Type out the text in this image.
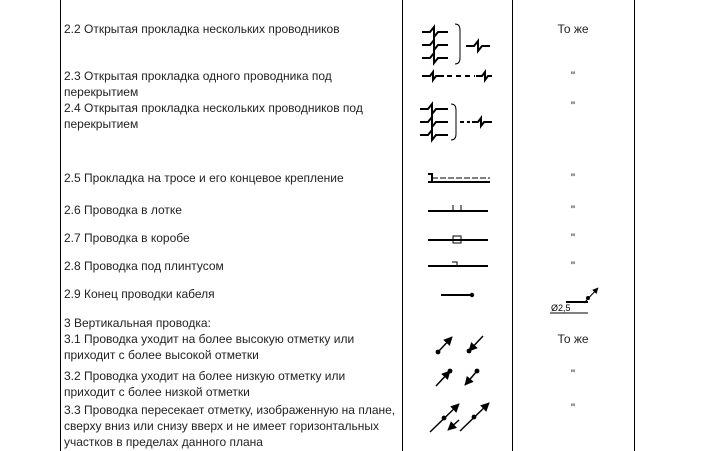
2.2 Открытая прокладка нескольких проводников

2.3 Открытая прокладка одного проводника под перекрытием

2.4 Открытая прокладка нескольких проводников под перекрытием

2.5 Прокладка на тросе и его концевое крепление

2.6 Проводка в лотке

2.7 Проводка в коробе

2.8 Проводка под плинтусом

2.9 Конец проводки кабеля

3 Вертикальная проводка:

3.1 Проводка уходит на более высокую отметку или приходит с более высокой отметки

3.2 Проводка уходит на более низкую отметку или приходит с более низкой отметки

3.3 Проводка пересекает отметку, изображенную на плане, сверху вниз или снизу вверх и не имеет горизонтальных участков в пределах данного плана

То же
"
"
"
"
"
"
То же
"
"
Ø2,5
